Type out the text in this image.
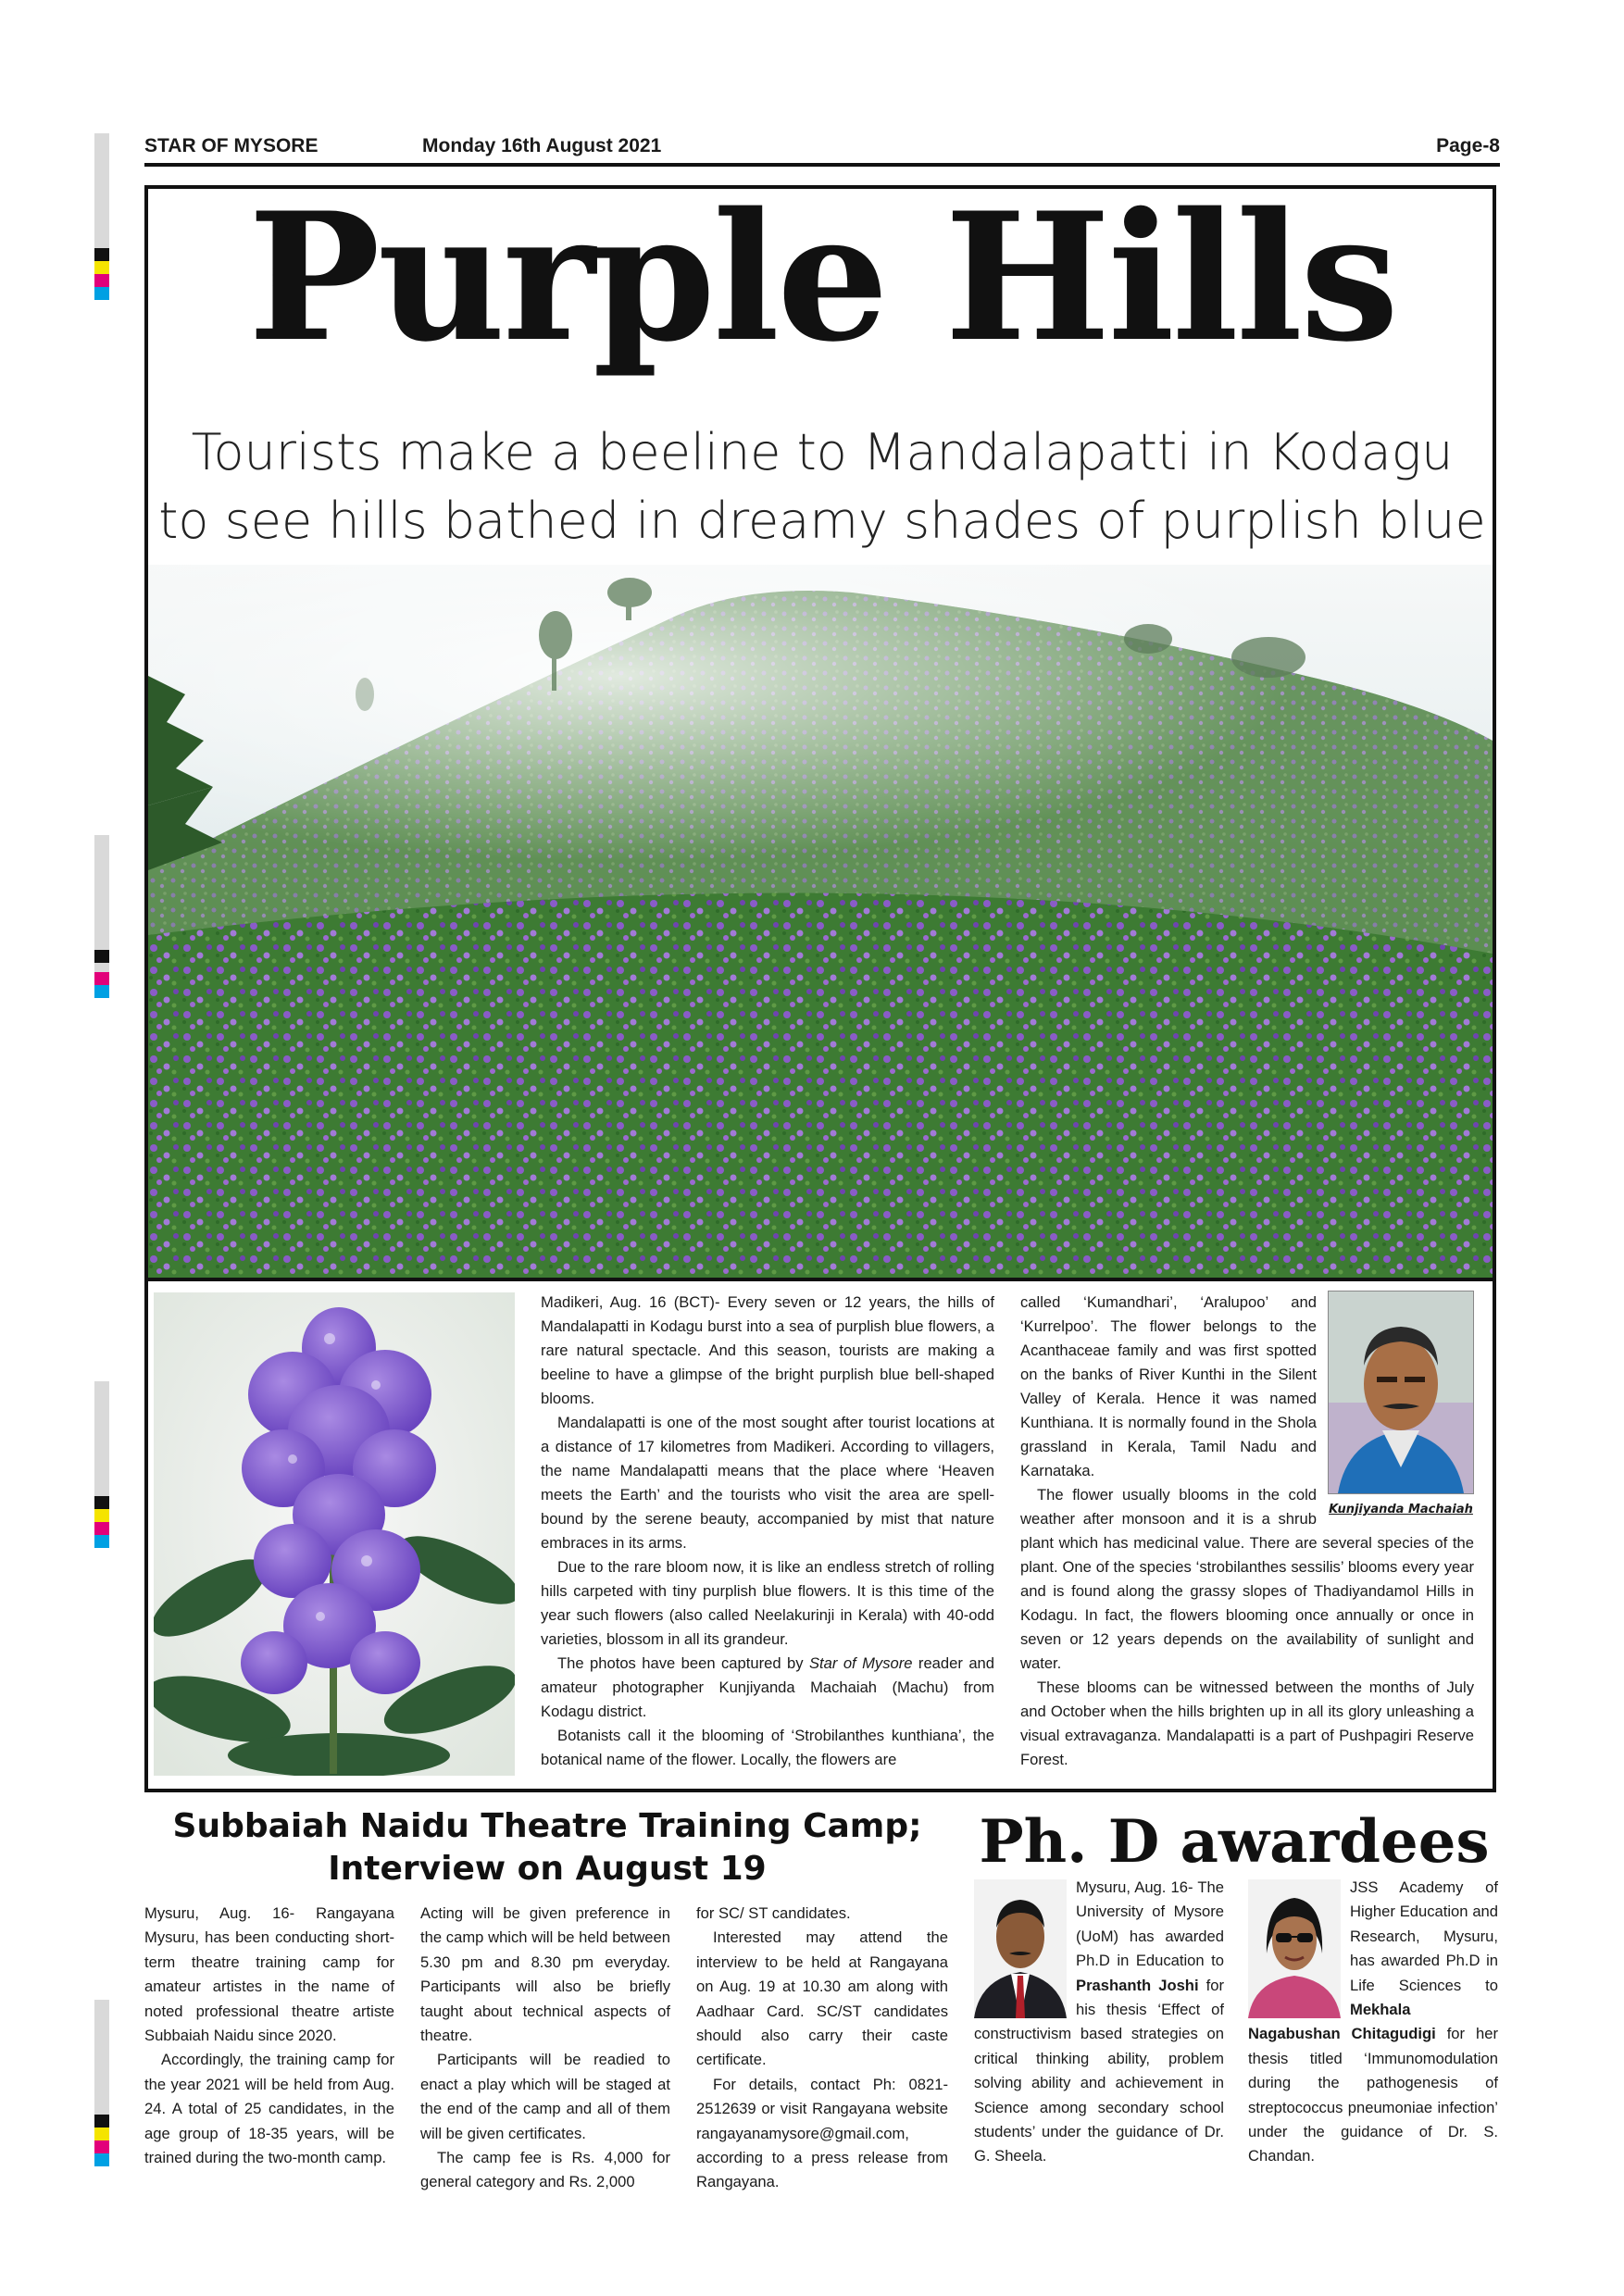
STAR OF MYSORE	Monday 16th August 2021	Page-8
Purple Hills
Tourists make a beeline to Mandalapatti in Kodagu
to see hills bathed in dreamy shades of purplish blue

Madikeri, Aug. 16 (BCT)- Every seven or 12 years, the hills of Mandalapatti in Kodagu burst into a sea of purplish blue flowers, a rare natural spectacle. And this season, tourists are making a beeline to have a glimpse of the bright purplish blue bell-shaped blooms.

Mandalapatti is one of the most sought after tourist locations at a distance of 17 kilometres from Madikeri. According to villagers, the name Mandalapatti means that the place where ‘Heaven meets the Earth’ and the tourists who visit the area are spell-bound by the serene beauty, accompanied by mist that nature embraces in its arms.

Due to the rare bloom now, it is like an endless stretch of rolling hills carpeted with tiny purplish blue flowers. It is this time of the year such flowers (also called Neelakurinji in Kerala) with 40-odd varieties, blossom in all its grandeur.

The photos have been captured by Star of Mysore reader and amateur photographer Kunjiyanda Machaiah (Machu) from Kodagu district.

Botanists call it the blooming of ‘Strobilanthes kunthiana’, the botanical name of the flower. Locally, the flowers are

Kunjiyanda Machaiah

called ‘Kumandhari’, ‘Aralupoo’ and ‘Kurrelpoo’. The flower belongs to the Acanthaceae family and was first spotted on the banks of River Kunthi in the Silent Valley of Kerala. Hence it was named Kunthiana. It is normally found in the Shola grassland in Kerala, Tamil Nadu and Karnataka.

The flower usually blooms in the cold weather after monsoon and it is a shrub plant which has medicinal value. There are several species of the plant. One of the species ‘strobilanthes sessilis’ blooms every year and is found along the grassy slopes of Thadiyandamol Hills in Kodagu. In fact, the flowers blooming once annually or once in seven or 12 years depends on the availability of sunlight and water.

These blooms can be witnessed between the months of July and October when the hills brighten up in all its glory unleashing a visual extravaganza. Mandalapatti is a part of Pushpagiri Reserve Forest.

Subbaiah Naidu Theatre Training Camp;
Interview on August 19

Mysuru, Aug. 16- Rangayana Mysuru, has been conducting short-term theatre training camp for amateur artistes in the name of noted professional theatre artiste Subbaiah Naidu since 2020.

Accordingly, the training camp for the year 2021 will be held from Aug. 24. A total of 25 candidates, in the age group of 18-35 years, will be trained during the two-month camp.

Acting will be given preference in the camp which will be held between 5.30 pm and 8.30 pm everyday. Participants will also be briefly taught about technical aspects of theatre.

Participants will be readied to enact a play which will be staged at the end of the camp and all of them will be given certificates.

The camp fee is Rs. 4,000 for general category and Rs. 2,000

for SC/ ST candidates.

Interested may attend the interview to be held at Rangayana on Aug. 19 at 10.30 am along with Aadhaar Card. SC/ST candidates should also carry their caste certificate.

For details, contact Ph: 0821-2512639 or visit Rangayana website rangayanamysore@gmail.com, according to a press release from Rangayana.

Ph. D awardees
Mysuru, Aug. 16- The University of Mysore (UoM) has awarded Ph.D in Education to Prashanth Joshi for his thesis ‘Effect of constructivism based strategies on critical thinking ability, problem solving ability and achievement in Science among secondary school students’ under the guidance of Dr. G. Sheela.
JSS Academy of Higher Education and Research, Mysuru, has awarded Ph.D in Life Sciences to Mekhala Nagabushan Chitagudigi for her thesis titled ‘Immunomodulation during the pathogenesis of streptococcus pneumoniae infection’ under the guidance of Dr. S. Chandan.
